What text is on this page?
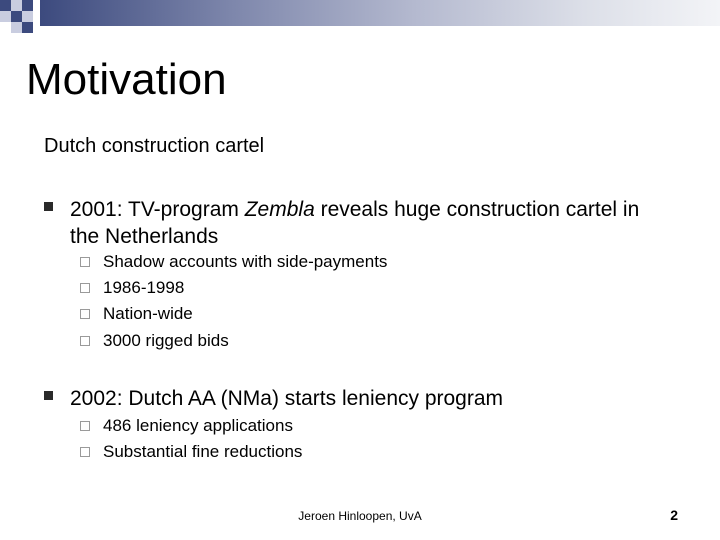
Motivation
Dutch construction cartel
2001: TV-program Zembla reveals huge construction cartel in the Netherlands
Shadow accounts with side-payments
1986-1998
Nation-wide
3000 rigged bids
2002: Dutch AA (NMa) starts leniency program
486 leniency applications
Substantial fine reductions
Jeroen Hinloopen, UvA	2
